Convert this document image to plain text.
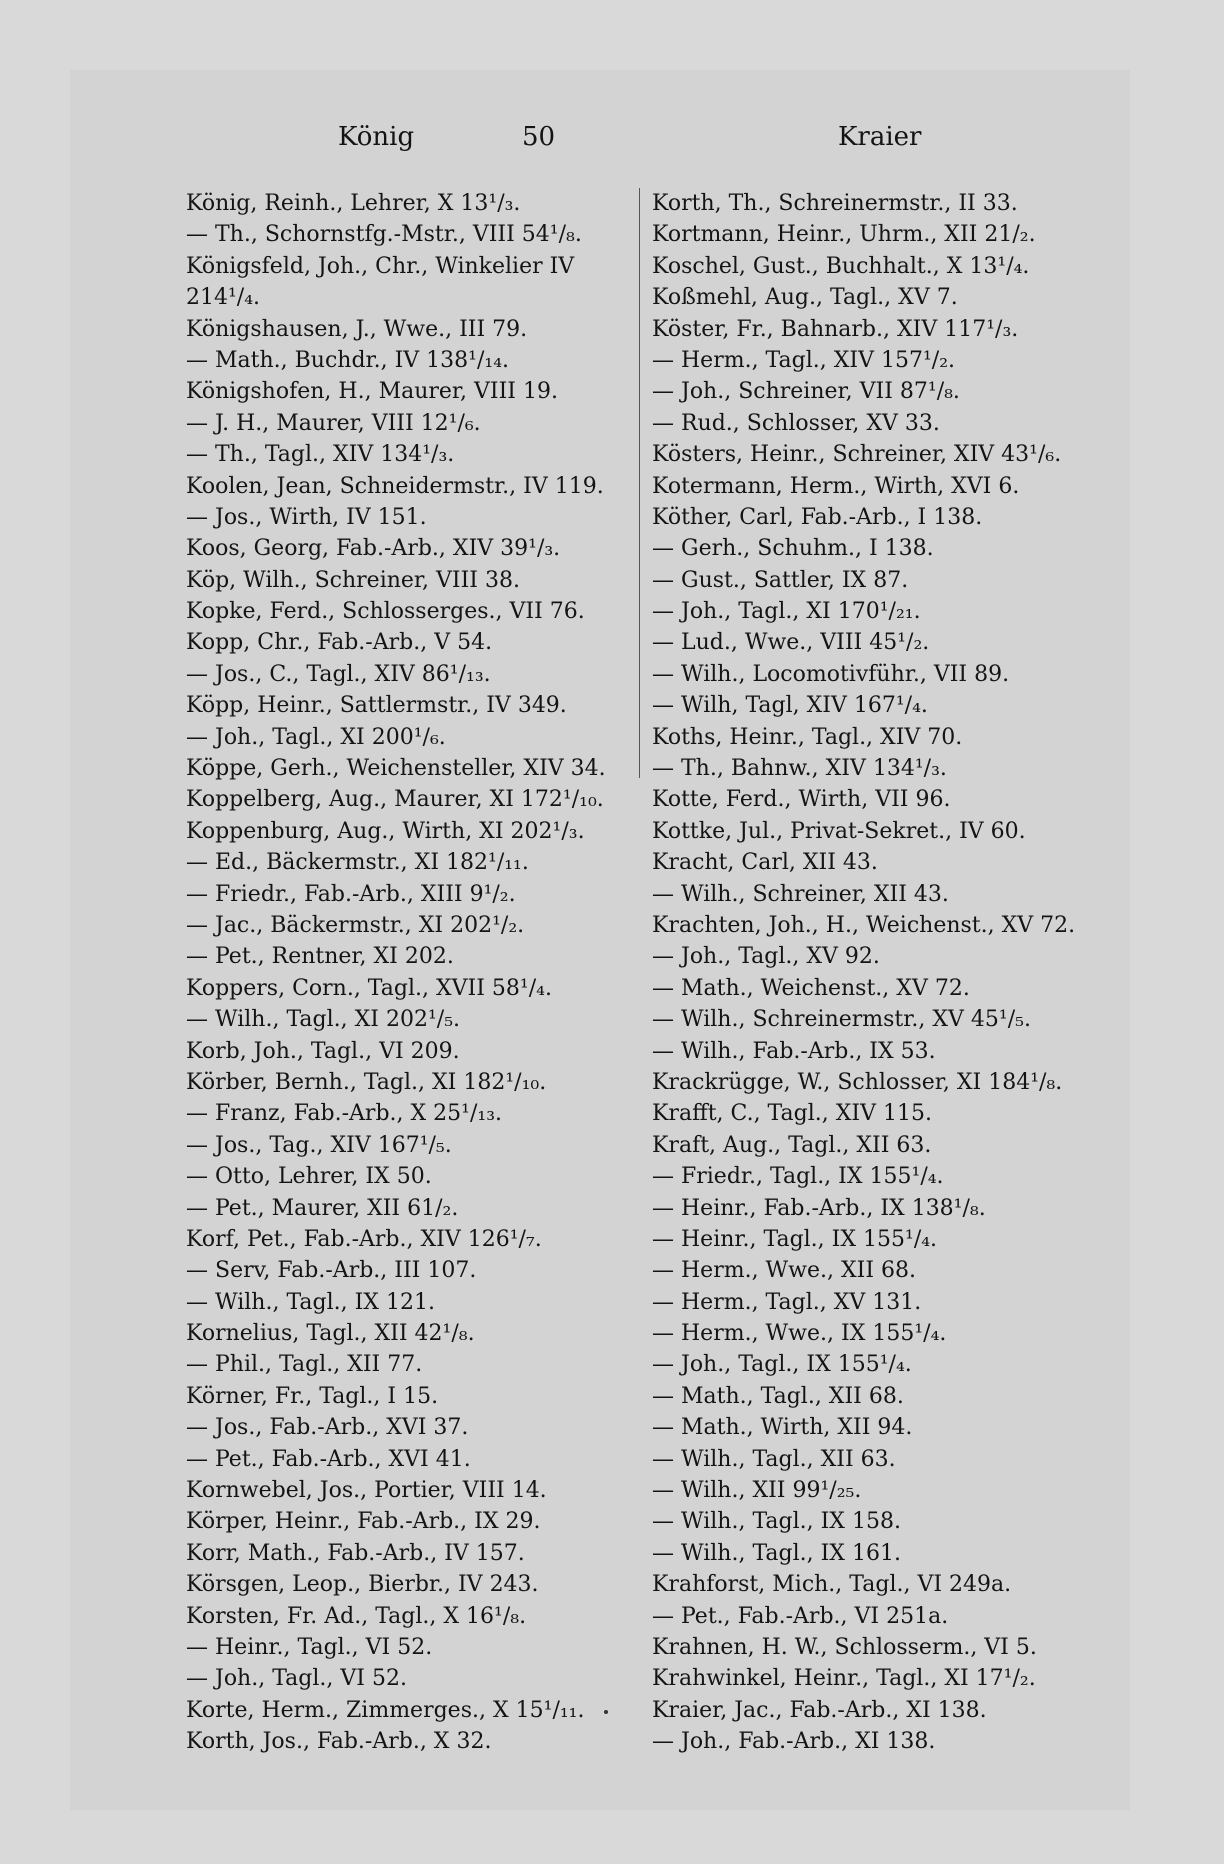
König	50	Kraier
König, Reinh., Lehrer, X 13¹/₃.
— Th., Schornstfg.-Mstr., VIII 54¹/₈.
Königsfeld, Joh., Chr., Winkelier IV
214¹/₄.
Königshausen, J., Wwe., III 79.
— Math., Buchdr., IV 138¹/₁₄.
Königshofen, H., Maurer, VIII 19.
— J. H., Maurer, VIII 12¹/₆.
— Th., Tagl., XIV 134¹/₃.
Koolen, Jean, Schneidermstr., IV 119.
— Jos., Wirth, IV 151.
Koos, Georg, Fab.-Arb., XIV 39¹/₃.
Köp, Wilh., Schreiner, VIII 38.
Kopke, Ferd., Schlosserges., VII 76.
Kopp, Chr., Fab.-Arb., V 54.
— Jos., C., Tagl., XIV 86¹/₁₃.
Köpp, Heinr., Sattlermstr., IV 349.
— Joh., Tagl., XI 200¹/₆.
Köppe, Gerh., Weichensteller, XIV 34.
Koppelberg, Aug., Maurer, XI 172¹/₁₀.
Koppenburg, Aug., Wirth, XI 202¹/₃.
— Ed., Bäckermstr., XI 182¹/₁₁.
— Friedr., Fab.-Arb., XIII 9¹/₂.
— Jac., Bäckermstr., XI 202¹/₂.
— Pet., Rentner, XI 202.
Koppers, Corn., Tagl., XVII 58¹/₄.
— Wilh., Tagl., XI 202¹/₅.
Korb, Joh., Tagl., VI 209.
Körber, Bernh., Tagl., XI 182¹/₁₀.
— Franz, Fab.-Arb., X 25¹/₁₃.
— Jos., Tag., XIV 167¹/₅.
— Otto, Lehrer, IX 50.
— Pet., Maurer, XII 61/₂.
Korf, Pet., Fab.-Arb., XIV 126¹/₇.
— Serv, Fab.-Arb., III 107.
— Wilh., Tagl., IX 121.
Kornelius, Tagl., XII 42¹/₈.
— Phil., Tagl., XII 77.
Körner, Fr., Tagl., I 15.
— Jos., Fab.-Arb., XVI 37.
— Pet., Fab.-Arb., XVI 41.
Kornwebel, Jos., Portier, VIII 14.
Körper, Heinr., Fab.-Arb., IX 29.
Korr, Math., Fab.-Arb., IV 157.
Körsgen, Leop., Bierbr., IV 243.
Korsten, Fr. Ad., Tagl., X 16¹/₈.
— Heinr., Tagl., VI 52.
— Joh., Tagl., VI 52.
Korte, Herm., Zimmerges., X 15¹/₁₁.
Korth, Jos., Fab.-Arb., X 32.
Korth, Th., Schreinermstr., II 33.
Kortmann, Heinr., Uhrm., XII 21/₂.
Koschel, Gust., Buchhalt., X 13¹/₄.
Koßmehl, Aug., Tagl., XV 7.
Köster, Fr., Bahnarb., XIV 117¹/₃.
— Herm., Tagl., XIV 157¹/₂.
— Joh., Schreiner, VII 87¹/₈.
— Rud., Schlosser, XV 33.
Kösters, Heinr., Schreiner, XIV 43¹/₆.
Kotermann, Herm., Wirth, XVI 6.
Köther, Carl, Fab.-Arb., I 138.
— Gerh., Schuhm., I 138.
— Gust., Sattler, IX 87.
— Joh., Tagl., XI 170¹/₂₁.
— Lud., Wwe., VIII 45¹/₂.
— Wilh., Locomotivführ., VII 89.
— Wilh, Tagl, XIV 167¹/₄.
Koths, Heinr., Tagl., XIV 70.
— Th., Bahnw., XIV 134¹/₃.
Kotte, Ferd., Wirth, VII 96.
Kottke, Jul., Privat-Sekret., IV 60.
Kracht, Carl, XII 43.
— Wilh., Schreiner, XII 43.
Krachten, Joh., H., Weichenst., XV 72.
— Joh., Tagl., XV 92.
— Math., Weichenst., XV 72.
— Wilh., Schreinermstr., XV 45¹/₅.
— Wilh., Fab.-Arb., IX 53.
Krackrügge, W., Schlosser, XI 184¹/₈.
Krafft, C., Tagl., XIV 115.
Kraft, Aug., Tagl., XII 63.
— Friedr., Tagl., IX 155¹/₄.
— Heinr., Fab.-Arb., IX 138¹/₈.
— Heinr., Tagl., IX 155¹/₄.
— Herm., Wwe., XII 68.
— Herm., Tagl., XV 131.
— Herm., Wwe., IX 155¹/₄.
— Joh., Tagl., IX 155¹/₄.
— Math., Tagl., XII 68.
— Math., Wirth, XII 94.
— Wilh., Tagl., XII 63.
— Wilh., XII 99¹/₂₅.
— Wilh., Tagl., IX 158.
— Wilh., Tagl., IX 161.
Krahforst, Mich., Tagl., VI 249a.
— Pet., Fab.-Arb., VI 251a.
Krahnen, H. W., Schlosserm., VI 5.
Krahwinkel, Heinr., Tagl., XI 17¹/₂.
Kraier, Jac., Fab.-Arb., XI 138.
— Joh., Fab.-Arb., XI 138.
